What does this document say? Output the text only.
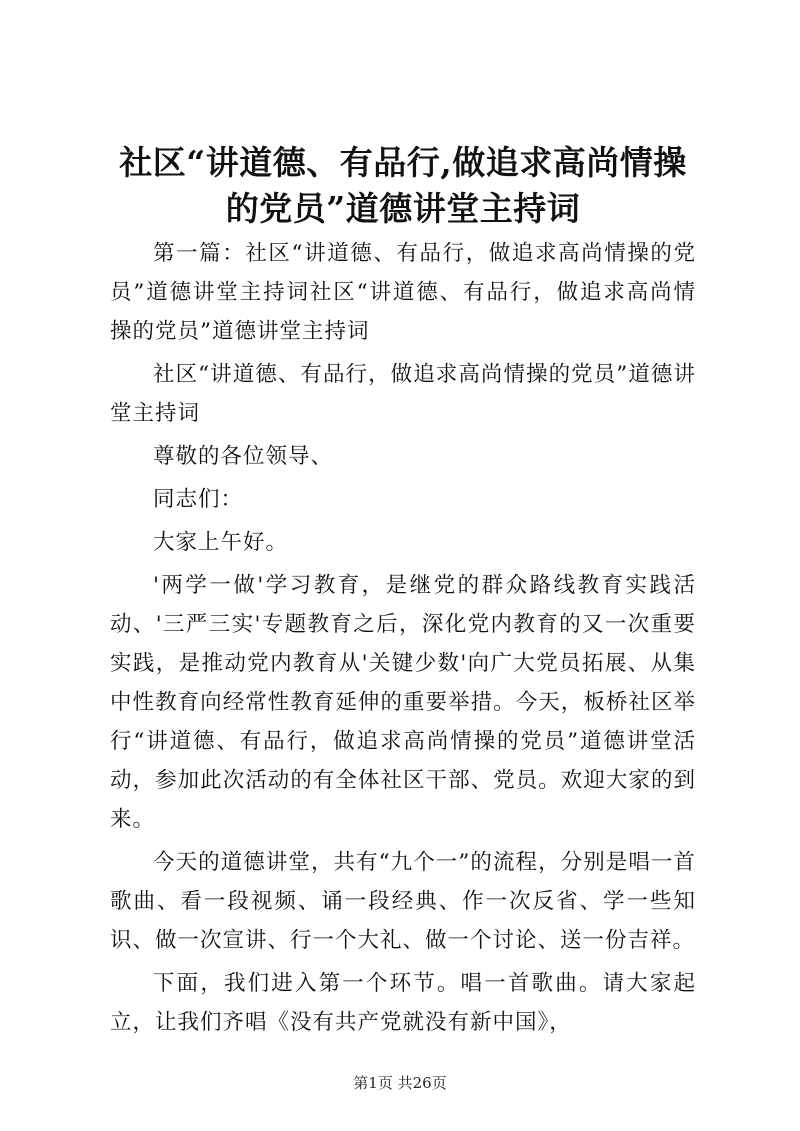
社区“讲道德、有品行,做追求高尚情操的党员”道德讲堂主持词

第一篇：社区“讲道德、有品行，做追求高尚情操的党员”道德讲堂主持词社区“讲道德、有品行，做追求高尚情操的党员”道德讲堂主持词

社区“讲道德、有品行，做追求高尚情操的党员”道德讲堂主持词

尊敬的各位领导、

同志们：

大家上午好。

'两学一做'学习教育，是继党的群众路线教育实践活动、'三严三实'专题教育之后，深化党内教育的又一次重要实践，是推动党内教育从'关键少数'向广大党员拓展、从集中性教育向经常性教育延伸的重要举措。今天，板桥社区举行“讲道德、有品行，做追求高尚情操的党员”道德讲堂活动，参加此次活动的有全体社区干部、党员。欢迎大家的到来。

今天的道德讲堂，共有“九个一”的流程，分别是唱一首歌曲、看一段视频、诵一段经典、作一次反省、学一些知识、做一次宣讲、行一个大礼、做一个讨论、送一份吉祥。

下面，我们进入第一个环节。唱一首歌曲。请大家起立，让我们齐唱《没有共产党就没有新中国》，

第1页 共26页
